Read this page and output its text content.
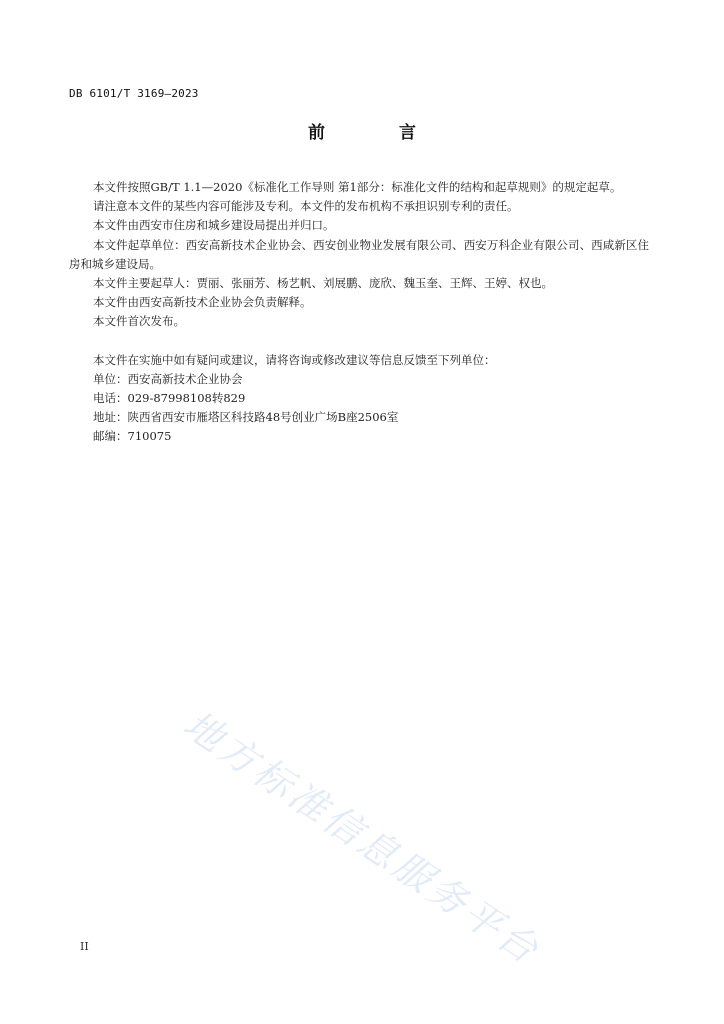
DB 6101/T 3169—2023
前 言

本文件按照GB/T 1.1—2020《标准化工作导则 第1部分：标准化文件的结构和起草规则》的规定起草。

请注意本文件的某些内容可能涉及专利。本文件的发布机构不承担识别专利的责任。

本文件由西安市住房和城乡建设局提出并归口。

本文件起草单位：西安高新技术企业协会、西安创业物业发展有限公司、西安万科企业有限公司、西咸新区住房和城乡建设局。

本文件主要起草人：贾丽、张丽芳、杨艺帆、刘展鹏、庞欣、魏玉奎、王辉、王婷、权也。

本文件由西安高新技术企业协会负责解释。

本文件首次发布。

本文件在实施中如有疑问或建议，请将咨询或修改建议等信息反馈至下列单位：

单位：西安高新技术企业协会

电话：029-87998108转829

地址：陕西省西安市雁塔区科技路48号创业广场B座2506室

邮编：710075

地方标准信息服务平台
II
